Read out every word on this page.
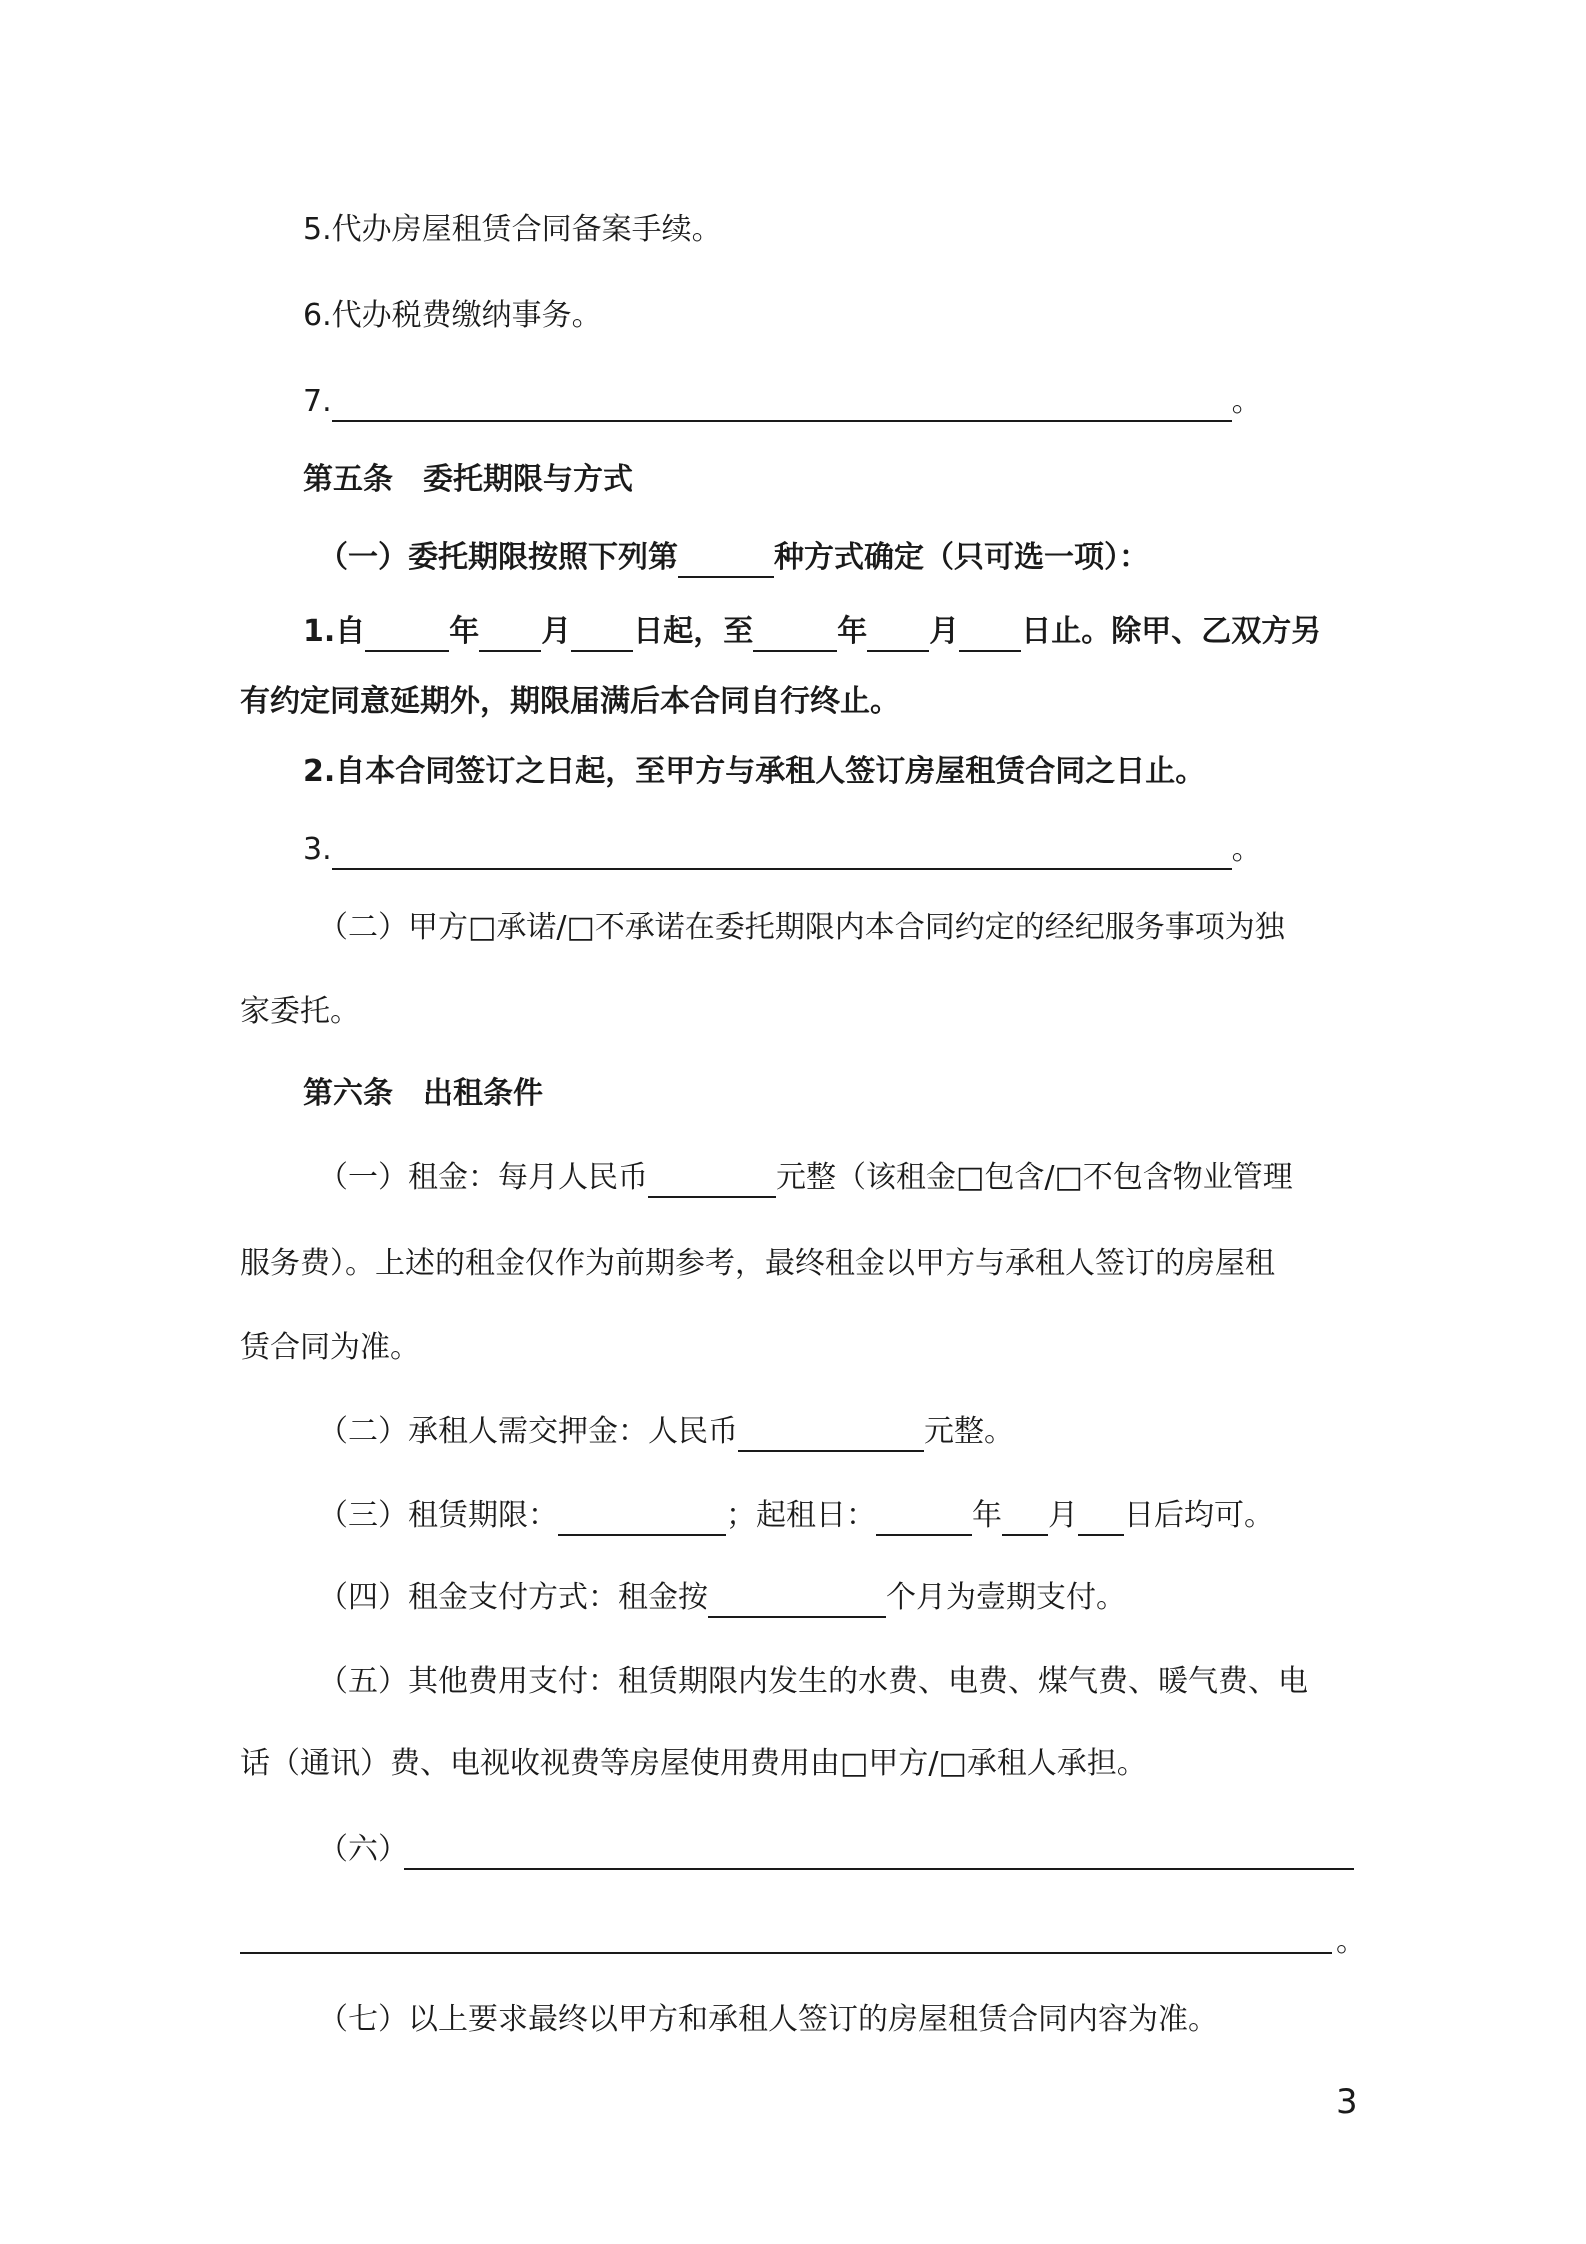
5.代办房屋租赁合同备案手续。
6.代办税费缴纳事务。
7.	。
第五条　委托期限与方式
（一）委托期限按照下列第	种方式确定（只可选一项）：
1.自	年 月 日起，至	年 月 日止。除甲、乙双方另
有约定同意延期外，期限届满后本合同自行终止。
2.自本合同签订之日起，至甲方与承租人签订房屋租赁合同之日止。
3.	。
（二）甲方□承诺/□不承诺在委托期限内本合同约定的经纪服务事项为独
家委托。
第六条　出租条件
（一）租金：每月人民币	元整（该租金□包含/□不包含物业管理
服务费）。上述的租金仅作为前期参考，最终租金以甲方与承租人签订的房屋租
赁合同为准。
（二）承租人需交押金：人民币	元整。
（三）租赁期限：	；起租日：	年 月 日后均可。
（四）租金支付方式：租金按	个月为壹期支付。
（五）其他费用支付：租赁期限内发生的水费、电费、煤气费、暖气费、电
话（通讯）费、电视收视费等房屋使用费用由□甲方/□承租人承担。
（六）
。
（七）以上要求最终以甲方和承租人签订的房屋租赁合同内容为准。
3
